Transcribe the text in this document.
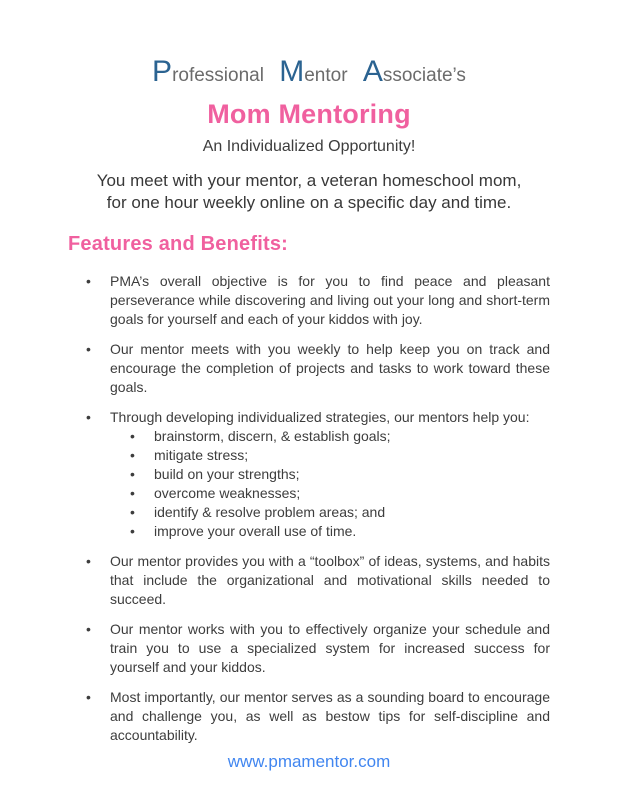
Professional Mentor Associate’s
Mom Mentoring
An Individualized Opportunity!
You meet with your mentor, a veteran homeschool mom,
for one hour weekly online on a specific day and time.
Features and Benefits:
•	PMA’s overall objective is for you to find peace and pleasant perseverance while discovering and living out your long and short-term goals for yourself and each of your kiddos with joy.
•	Our mentor meets with you weekly to help keep you on track and encourage the completion of projects and tasks to work toward these goals.
•	Through developing individualized strategies, our mentors help you:
•	brainstorm, discern, & establish goals;
•	mitigate stress;
•	build on your strengths;
•	overcome weaknesses;
•	identify & resolve problem areas; and
•	improve your overall use of time.
•	Our mentor provides you with a “toolbox” of ideas, systems, and habits that include the organizational and motivational skills needed to succeed.
•	Our mentor works with you to effectively organize your schedule and train you to use a specialized system for increased success for yourself and your kiddos.
•	Most importantly, our mentor serves as a sounding board to encourage and challenge you, as well as bestow tips for self-discipline and accountability.
www.pmamentor.com
